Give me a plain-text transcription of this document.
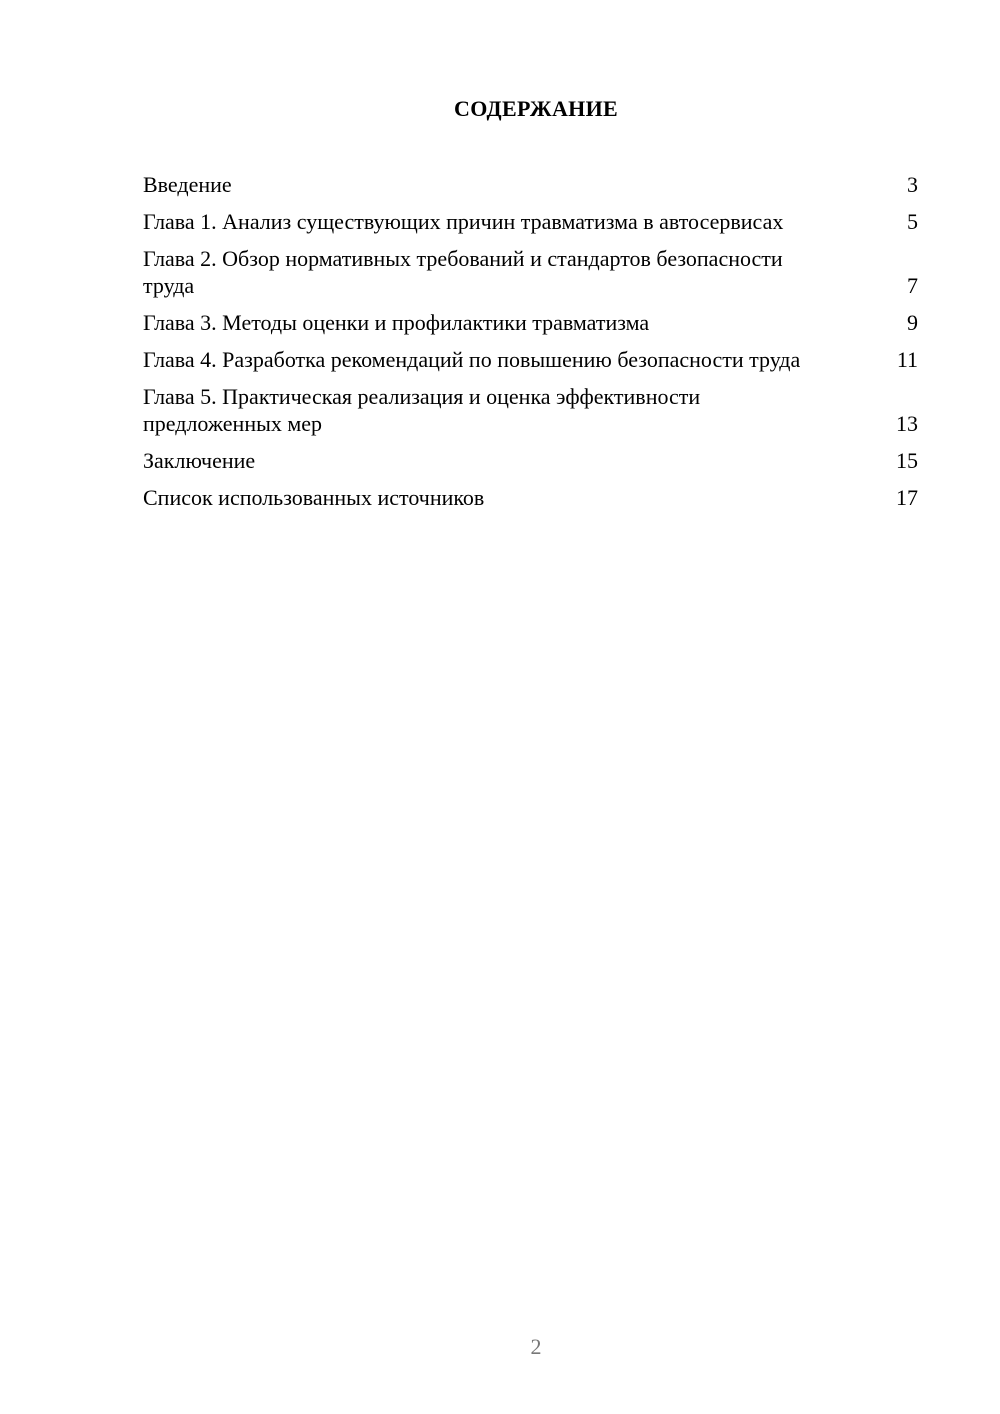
СОДЕРЖАНИЕ
Введение	3
Глава 1. Анализ существующих причин травматизма в автосервисах	5
Глава 2. Обзор нормативных требований и стандартов безопасности труда	7
Глава 3. Методы оценки и профилактики травматизма	9
Глава 4. Разработка рекомендаций по повышению безопасности труда	11
Глава 5. Практическая реализация и оценка эффективности предложенных мер	13
Заключение	15
Список использованных источников	17
2
